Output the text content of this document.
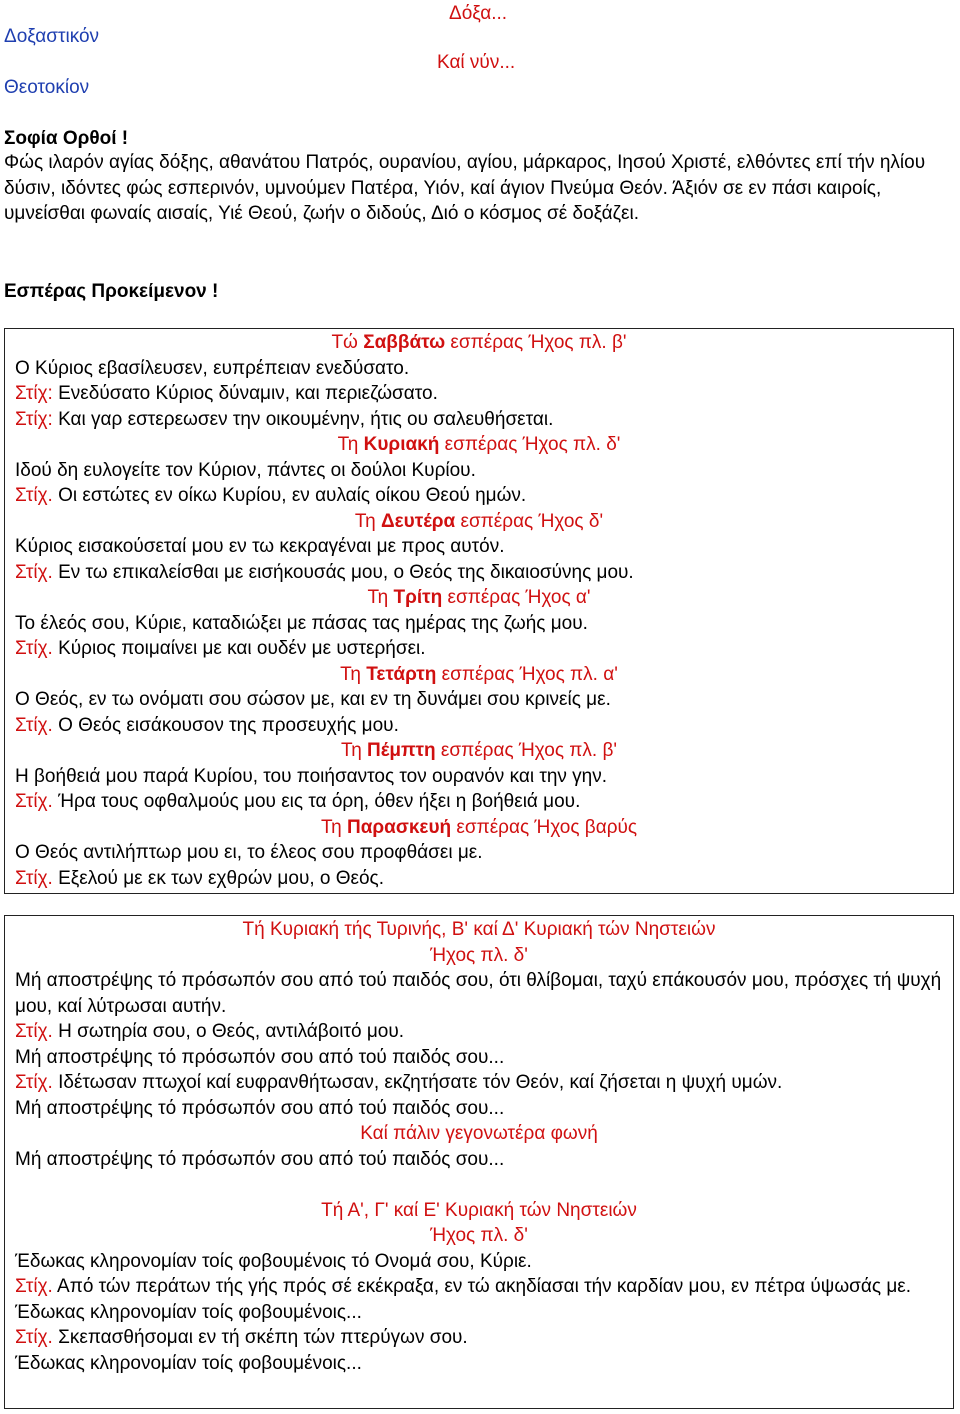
Δόξα...
Δοξαστικόν
Καί νύν...
Θεοτοκίον
Σοφία Ορθοί !
Φώς ιλαρόν αγίας δόξης, αθανάτου Πατρός, ουρανίου, αγίου, μάρκαρος, Ιησού Χριστέ, ελθόντες επί τήν ηλίου δύσιν, ιδόντες φώς εσπερινόν, υμνούμεν Πατέρα, Υιόν, καί άγιον Πνεύμα Θεόν. Άξιόν σε εν πάσι καιροίς, υμνείσθαι φωναίς αισαίς, Υιέ Θεού, ζωήν ο διδούς, Διό ο κόσμος σέ δοξάζει.
Εσπέρας Προκείμενον !
Τώ Σαββάτω εσπέρας Ήχος πλ. β'
Ο Κύριος εβασίλευσεν, ευπρέπειαν ενεδύσατο.
Στίχ: Ενεδύσατο Κύριος δύναμιν, και περιεζώσατο.
Στίχ: Και γαρ εστερεωσεν την οικουμένην, ήτις ου σαλευθήσεται.
Τη Κυριακή εσπέρας Ήχος πλ. δ'
Ιδού δη ευλογείτε τον Κύριον, πάντες οι δούλοι Κυρίου.
Στίχ. Οι εστώτες εν οίκω Κυρίου, εν αυλαίς οίκου Θεού ημών.
Τη Δευτέρα εσπέρας Ήχος δ'
Κύριος εισακούσεταί μου εν τω κεκραγέναι με προς αυτόν.
Στίχ. Εν τω επικαλείσθαι με εισήκουσάς μου, ο Θεός της δικαιοσύνης μου.
Τη Τρίτη εσπέρας Ήχος α'
Το έλεός σου, Κύριε, καταδιώξει με πάσας τας ημέρας της ζωής μου.
Στίχ. Κύριος ποιμαίνει με και ουδέν με υστερήσει.
Τη Τετάρτη εσπέρας Ήχος πλ. α'
Ο Θεός, εν τω ονόματι σου σώσον με, και εν τη δυνάμει σου κρινείς με.
Στίχ. Ο Θεός εισάκουσον της προσευχής μου.
Τη Πέμπτη εσπέρας Ήχος πλ. β'
Η βοήθειά μου παρά Κυρίου, του ποιήσαντος τον ουρανόν και την γην.
Στίχ. Ήρα τους οφθαλμούς μου εις τα όρη, όθεν ήξει η βοήθειά μου.
Τη Παρασκευή εσπέρας Ήχος βαρύς
Ο Θεός αντιλήπτωρ μου ει, το έλεος σου προφθάσει με.
Στίχ. Εξελού με εκ των εχθρών μου, ο Θεός.
Τή Κυριακή τής Τυρινής, Β' καί Δ' Κυριακή τών Νηστειών
Ήχος πλ. δ'
Μή αποστρέψης τό πρόσωπόν σου από τού παιδός σου, ότι θλίβομαι, ταχύ επάκουσόν μου, πρόσχες τή ψυχή μου, καί λύτρωσαι αυτήν.
Στίχ. Η σωτηρία σου, ο Θεός, αντιλάβοιτό μου.
Μή αποστρέψης τό πρόσωπόν σου από τού παιδός σου...
Στίχ. Ιδέτωσαν πτωχοί καί ευφρανθήτωσαν, εκζητήσατε τόν Θεόν, καί ζήσεται η ψυχή υμών.
Μή αποστρέψης τό πρόσωπόν σου από τού παιδός σου...
Καί πάλιν γεγονωτέρα φωνή
Μή αποστρέψης τό πρόσωπόν σου από τού παιδός σου...
Τή Α', Γ' καί Ε' Κυριακή τών Νηστειών
Ήχος πλ. δ'
Έδωκας κληρονομίαν τοίς φοβουμένοις τό Ονομά σου, Κύριε.
Στίχ. Από τών περάτων τής γής πρός σέ εκέκραξα, εν τώ ακηδίασαι τήν καρδίαν μου, εν πέτρα ύψωσάς με.
Έδωκας κληρονομίαν τοίς φοβουμένοις...
Στίχ. Σκεπασθήσομαι εν τή σκέπη τών πτερύγων σου.
Έδωκας κληρονομίαν τοίς φοβουμένοις...
